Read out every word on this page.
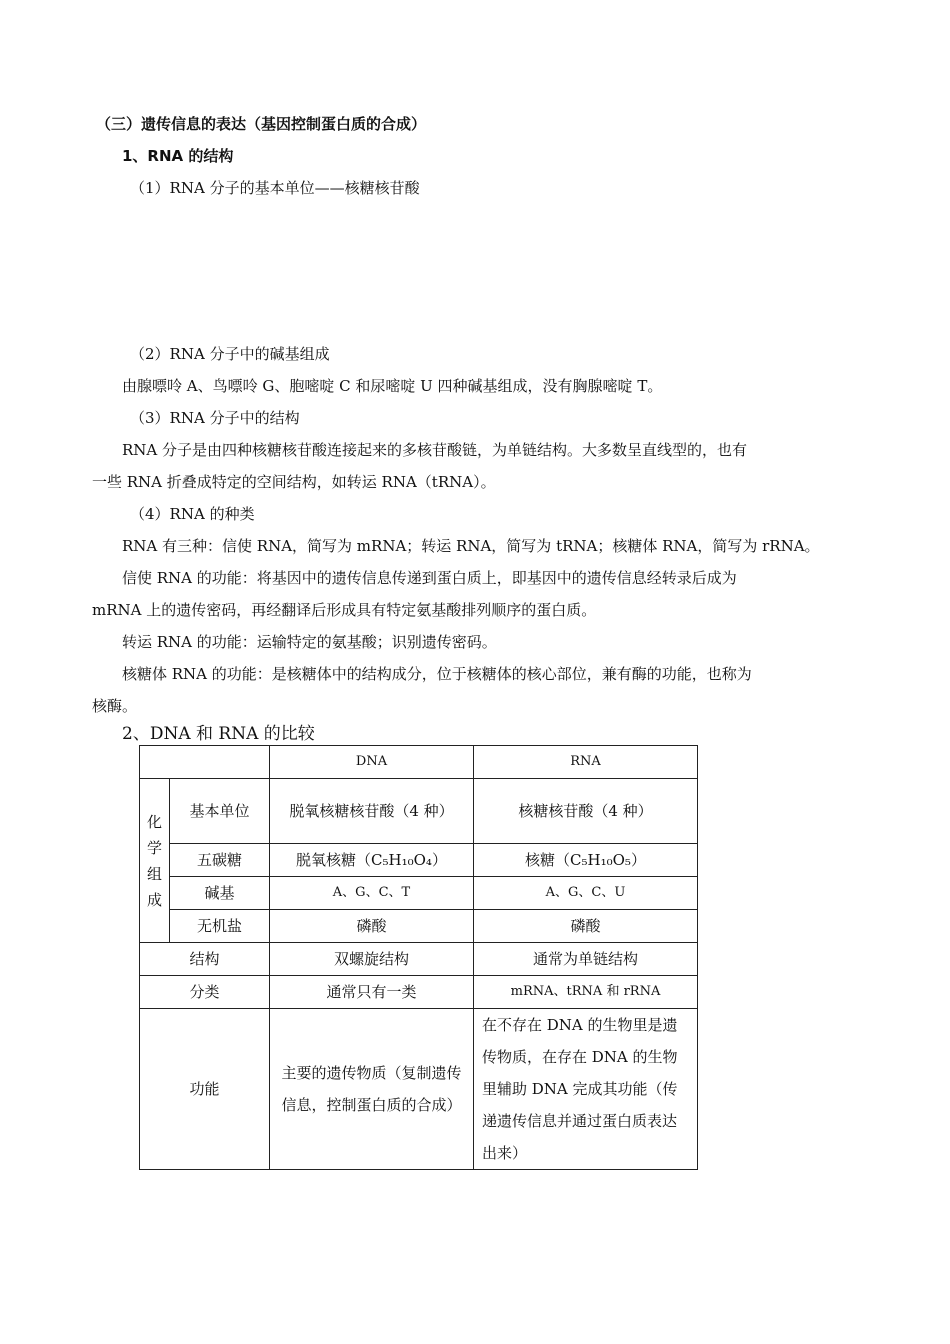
（三）遗传信息的表达（基因控制蛋白质的合成）
1、RNA 的结构
（1）RNA 分子的基本单位——核糖核苷酸
（2）RNA 分子中的碱基组成
由腺嘌呤 A、鸟嘌呤 G、胞嘧啶 C 和尿嘧啶 U 四种碱基组成，没有胸腺嘧啶 T。
（3）RNA 分子中的结构
RNA 分子是由四种核糖核苷酸连接起来的多核苷酸链，为单链结构。大多数呈直线型的，也有
一些 RNA 折叠成特定的空间结构，如转运 RNA（tRNA）。
（4）RNA 的种类
RNA 有三种：信使 RNA，简写为 mRNA；转运 RNA，简写为 tRNA；核糖体 RNA，简写为 rRNA。
信使 RNA 的功能：将基因中的遗传信息传递到蛋白质上，即基因中的遗传信息经转录后成为
mRNA 上的遗传密码，再经翻译后形成具有特定氨基酸排列顺序的蛋白质。
转运 RNA 的功能：运输特定的氨基酸；识别遗传密码。
核糖体 RNA 的功能：是核糖体中的结构成分，位于核糖体的核心部位，兼有酶的功能，也称为
核酶。
2、DNA 和 RNA 的比较
		DNA	RNA

化
学
组
成	基本单位	脱氧核糖核苷酸（4 种）	核糖核苷酸（4 种）
	五碳糖	脱氧核糖（C₅H₁₀O₄）	核糖（C₅H₁₀O₅）
	碱基	A、G、C、T	A、G、C、U
	无机盐	磷酸	磷酸
结构		双螺旋结构	通常为单链结构
分类		通常只有一类	mRNA、tRNA 和 rRNA
功能		主要的遗传物质（复制遗传信息，控制蛋白质的合成）	在不存在 DNA 的生物里是遗传物质，在存在 DNA 的生物里辅助 DNA 完成其功能（传递遗传信息并通过蛋白质表达出来）
